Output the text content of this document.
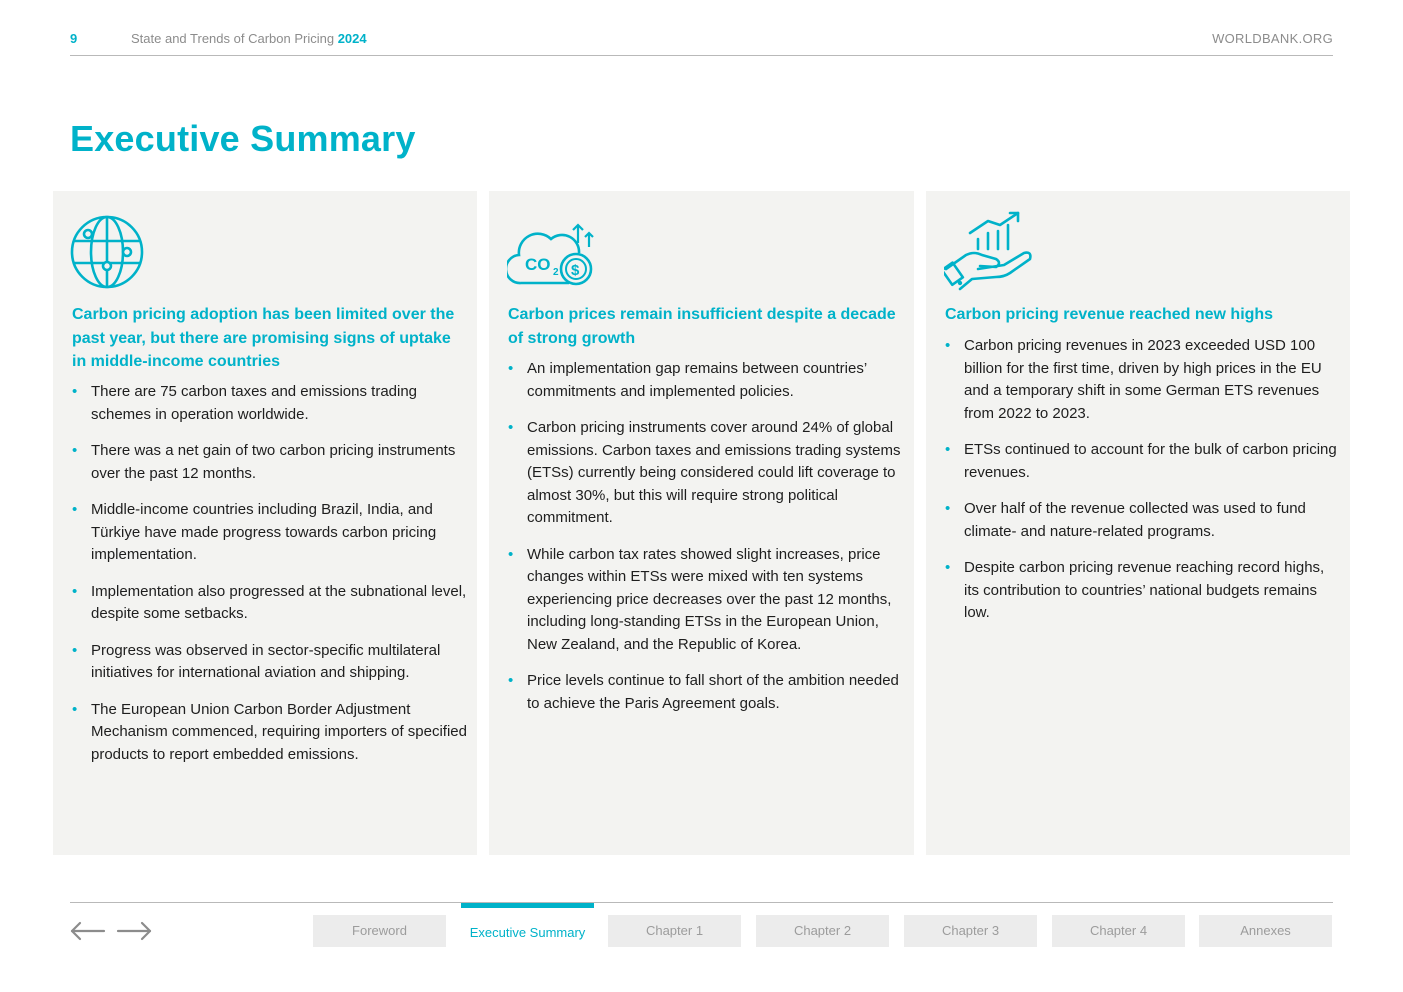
9	State and Trends of Carbon Pricing 2024	WORLDBANK.ORG
Executive Summary
Carbon pricing adoption has been limited over the past year, but there are promising signs of uptake in middle-income countries
• There are 75 carbon taxes and emissions trading schemes in operation worldwide.
• There was a net gain of two carbon pricing instruments over the past 12 months.
• Middle-income countries including Brazil, India, and Türkiye have made progress towards carbon pricing implementation.
• Implementation also progressed at the subnational level, despite some setbacks.
• Progress was observed in sector-specific multilateral initiatives for international aviation and shipping.
• The European Union Carbon Border Adjustment Mechanism commenced, requiring importers of specified products to report embedded emissions.
CO 2 $
Carbon prices remain insufficient despite a decade of strong growth
• An implementation gap remains between countries’ commitments and implemented policies.
• Carbon pricing instruments cover around 24% of global emissions. Carbon taxes and emissions trading systems (ETSs) currently being considered could lift coverage to almost 30%, but this will require strong political commitment.
• While carbon tax rates showed slight increases, price changes within ETSs were mixed with ten systems experiencing price decreases over the past 12 months, including long-standing ETSs in the European Union, New Zealand, and the Republic of Korea.
• Price levels continue to fall short of the ambition needed to achieve the Paris Agreement goals.
Carbon pricing revenue reached new highs
• Carbon pricing revenues in 2023 exceeded USD 100 billion for the first time, driven by high prices in the EU and a temporary shift in some German ETS revenues from 2022 to 2023.
• ETSs continued to account for the bulk of carbon pricing revenues.
• Over half of the revenue collected was used to fund climate- and nature-related programs.
• Despite carbon pricing revenue reaching record highs, its contribution to countries’ national budgets remains low.
Foreword	Executive Summary	Chapter 1	Chapter 2	Chapter 3	Chapter 4	Annexes
